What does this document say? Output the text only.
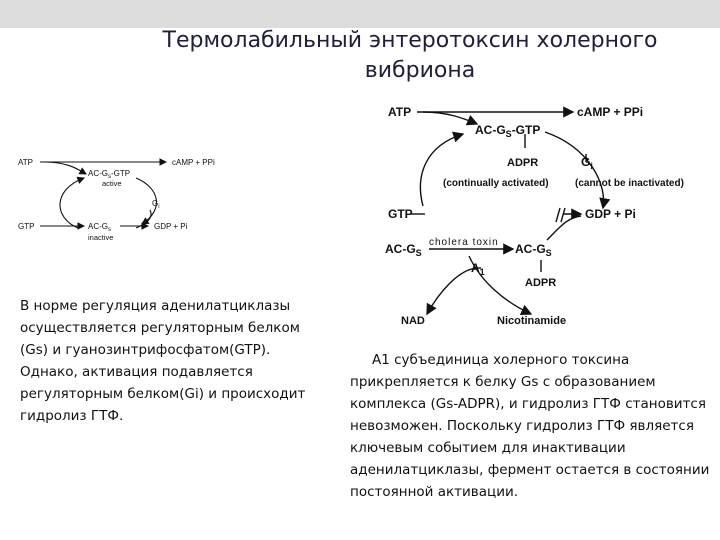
Термолабильный энтеротоксин холерного
вибриона
ATP
$AC-G_s$-GTP
active
cAMP + PPi
$G_i$
GTP	$AC-G_s$
inactive
GDP + Pi
ATP
$AC-G_S$-GTP
cAMP + PPi
ADPR
(continually activated)
$G_i$
(cannot be inactivated)
GTP	GDP + Pi
$AC-G_S$
cholera toxin $AC-G_S$
$A_1$
ADPR
NAD	Nicotinamide
В норме регуляция аденилатциклазы осуществляется регуляторным белком (Gs) и гуанозинтрифосфатом(GTP). Однако, активация подавляется регуляторным белком(Gi) и происходит гидролиз ГТФ.
A1 субъединица холерного токсина прикрепляется к белку Gs с образованием комплекса (Gs-ADPR), и гидролиз ГТФ становится невозможен. Поскольку гидролиз ГТФ является ключевым событием для инактивации аденилатциклазы, фермент остается в состоянии постоянной активации.
